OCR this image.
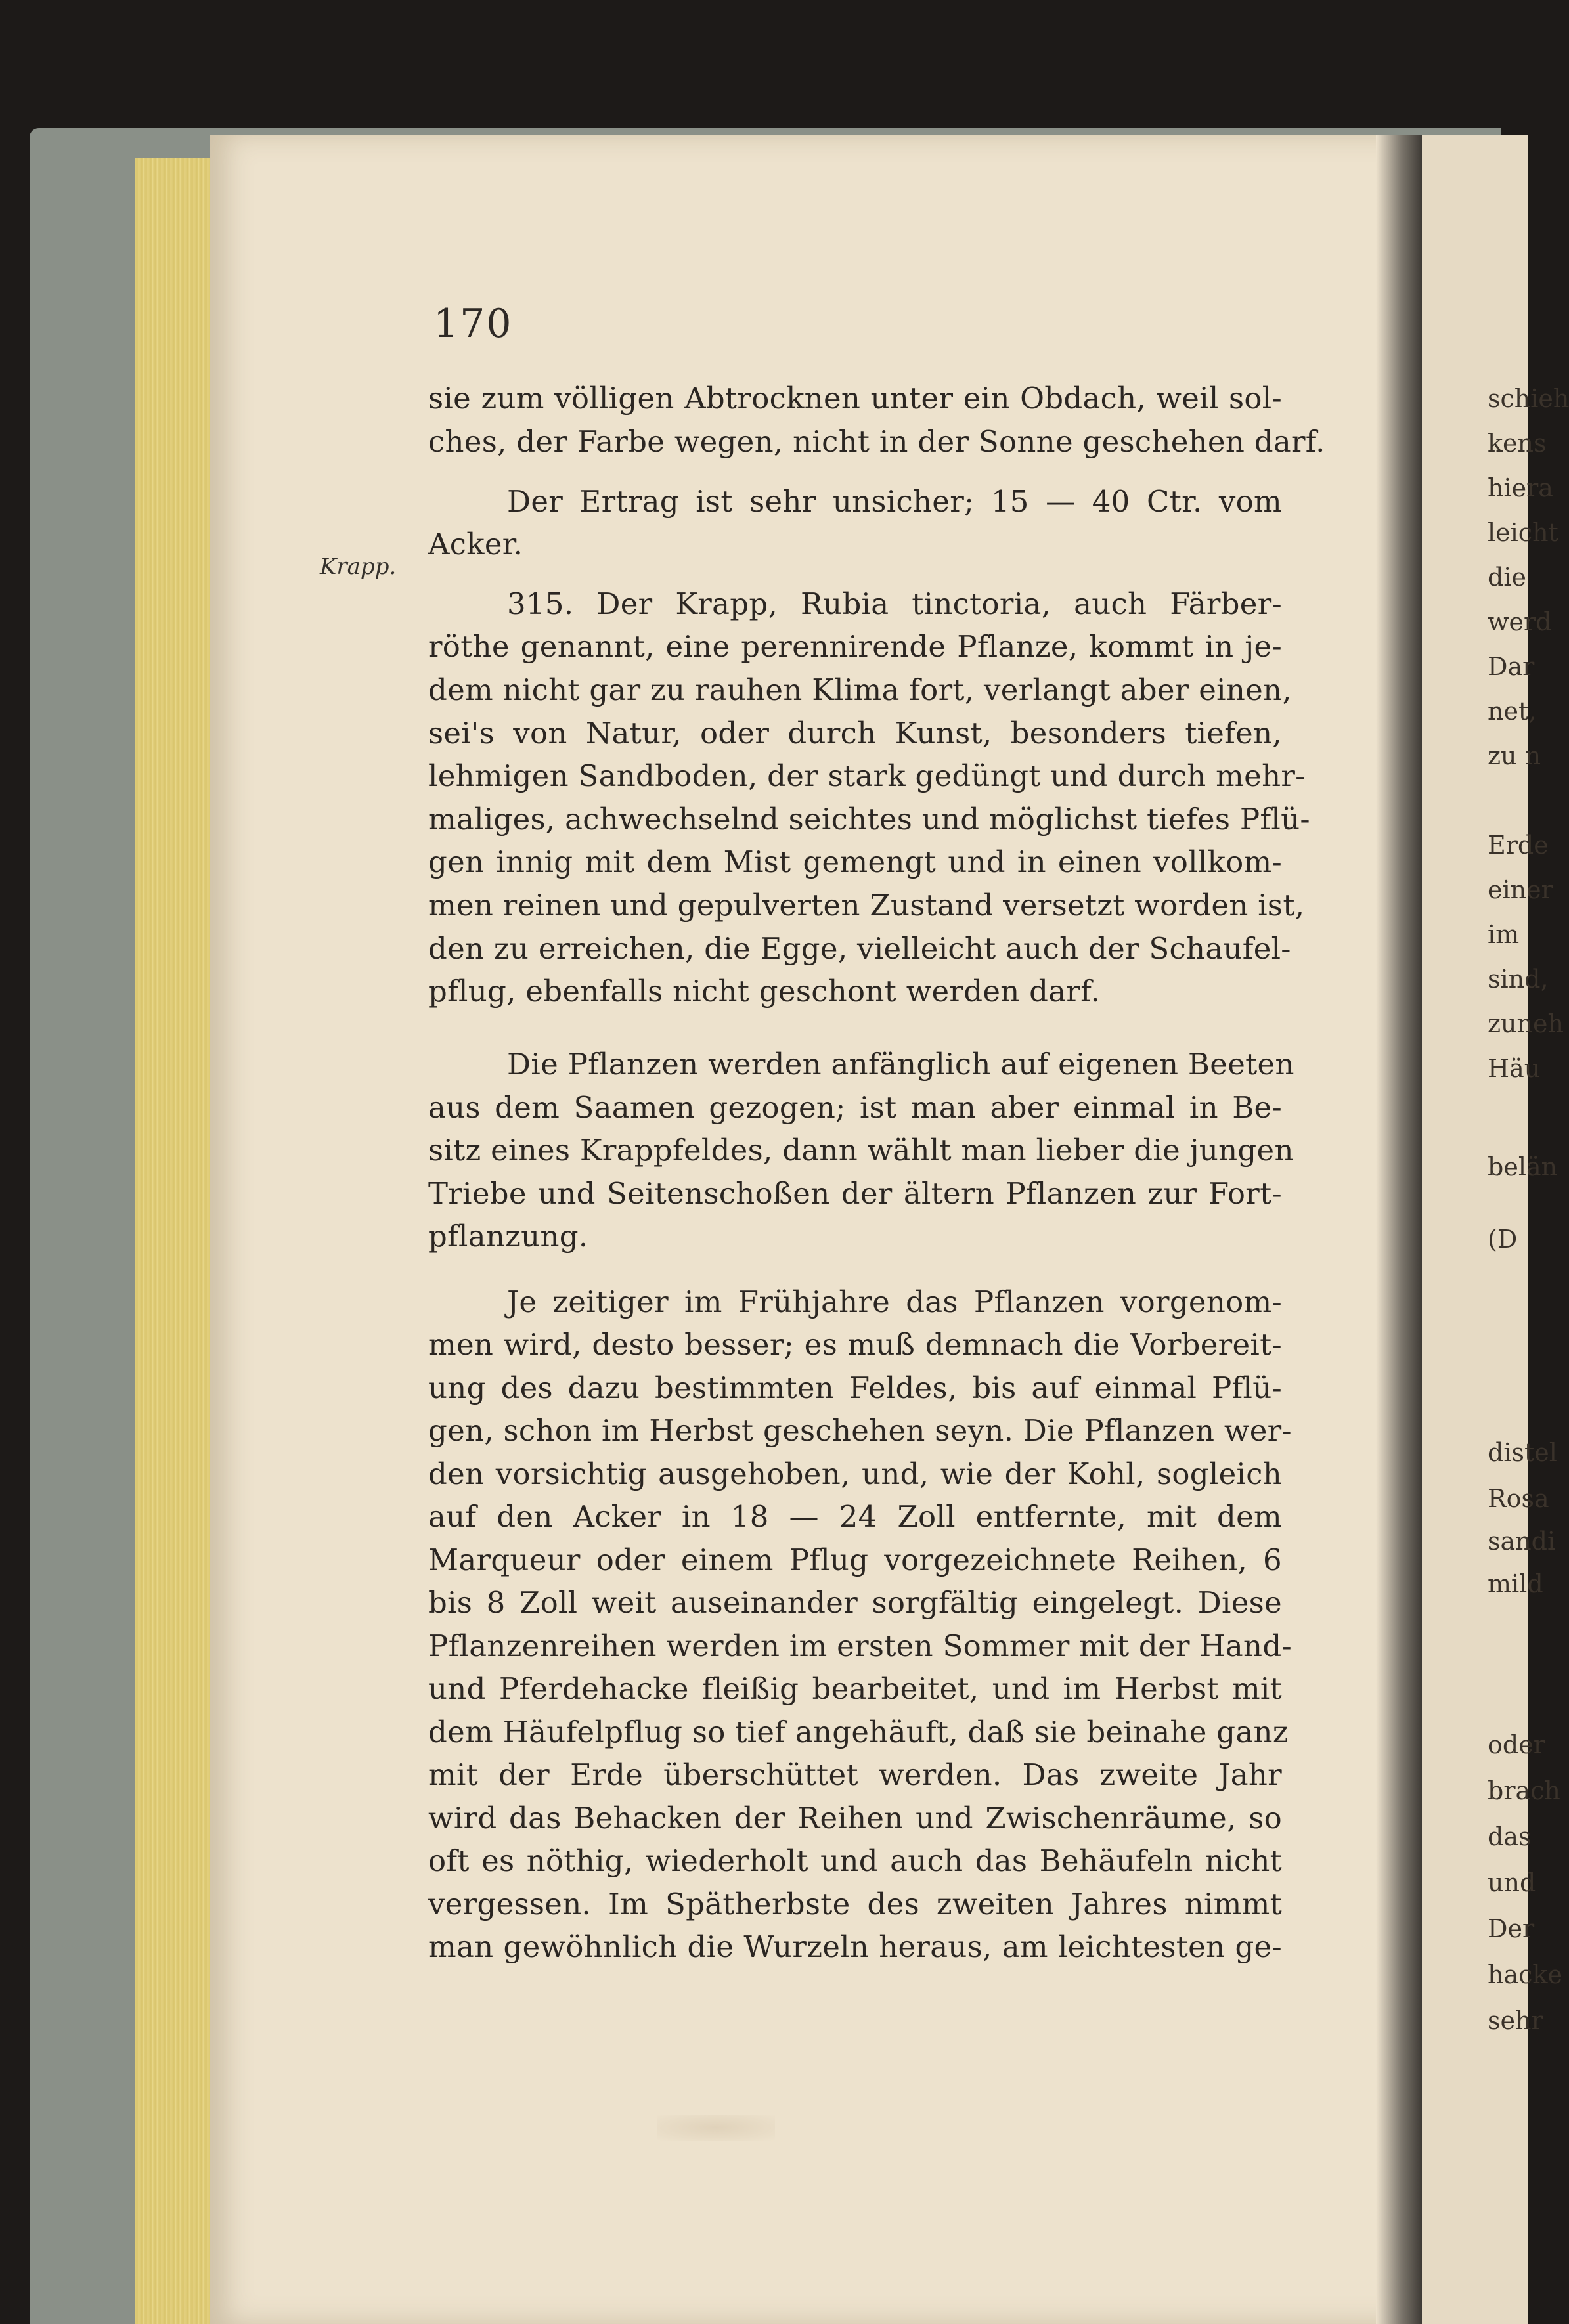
schieh
kens
hiera
leicht
die
werd
Dar
net,
zu n
Erde
einer
im
sind,
zuneh
Häu
belän
(D
distel
Rosa
sandi
mild
oder
brach
das
und
Der
hacke
sehr
170
Krapp.
sie zum völligen Abtrocknen unter ein Obdach, weil sol-
ches, der Farbe wegen, nicht in der Sonne geschehen darf.
Der Ertrag ist sehr unsicher; 15 — 40 Ctr. vom
Acker.
315. Der Krapp, Rubia tinctoria, auch Färber-
röthe genannt, eine perennirende Pflanze, kommt in je-
dem nicht gar zu rauhen Klima fort, verlangt aber einen,
sei's von Natur, oder durch Kunst, besonders tiefen,
lehmigen Sandboden, der stark gedüngt und durch mehr-
maliges, achwechselnd seichtes und möglichst tiefes Pflü-
gen innig mit dem Mist gemengt und in einen vollkom-
men reinen und gepulverten Zustand versetzt worden ist,
den zu erreichen, die Egge, vielleicht auch der Schaufel-
pflug, ebenfalls nicht geschont werden darf.
Die Pflanzen werden anfänglich auf eigenen Beeten
aus dem Saamen gezogen; ist man aber einmal in Be-
sitz eines Krappfeldes, dann wählt man lieber die jungen
Triebe und Seitenschoßen der ältern Pflanzen zur Fort-
pflanzung.
Je zeitiger im Frühjahre das Pflanzen vorgenom-
men wird, desto besser; es muß demnach die Vorbereit-
ung des dazu bestimmten Feldes, bis auf einmal Pflü-
gen, schon im Herbst geschehen seyn. Die Pflanzen wer-
den vorsichtig ausgehoben, und, wie der Kohl, sogleich
auf den Acker in 18 — 24 Zoll entfernte, mit dem
Marqueur oder einem Pflug vorgezeichnete Reihen, 6
bis 8 Zoll weit auseinander sorgfältig eingelegt. Diese
Pflanzenreihen werden im ersten Sommer mit der Hand-
und Pferdehacke fleißig bearbeitet, und im Herbst mit
dem Häufelpflug so tief angehäuft, daß sie beinahe ganz
mit der Erde überschüttet werden. Das zweite Jahr
wird das Behacken der Reihen und Zwischenräume, so
oft es nöthig, wiederholt und auch das Behäufeln nicht
vergessen. Im Spätherbste des zweiten Jahres nimmt
man gewöhnlich die Wurzeln heraus, am leichtesten ge-
